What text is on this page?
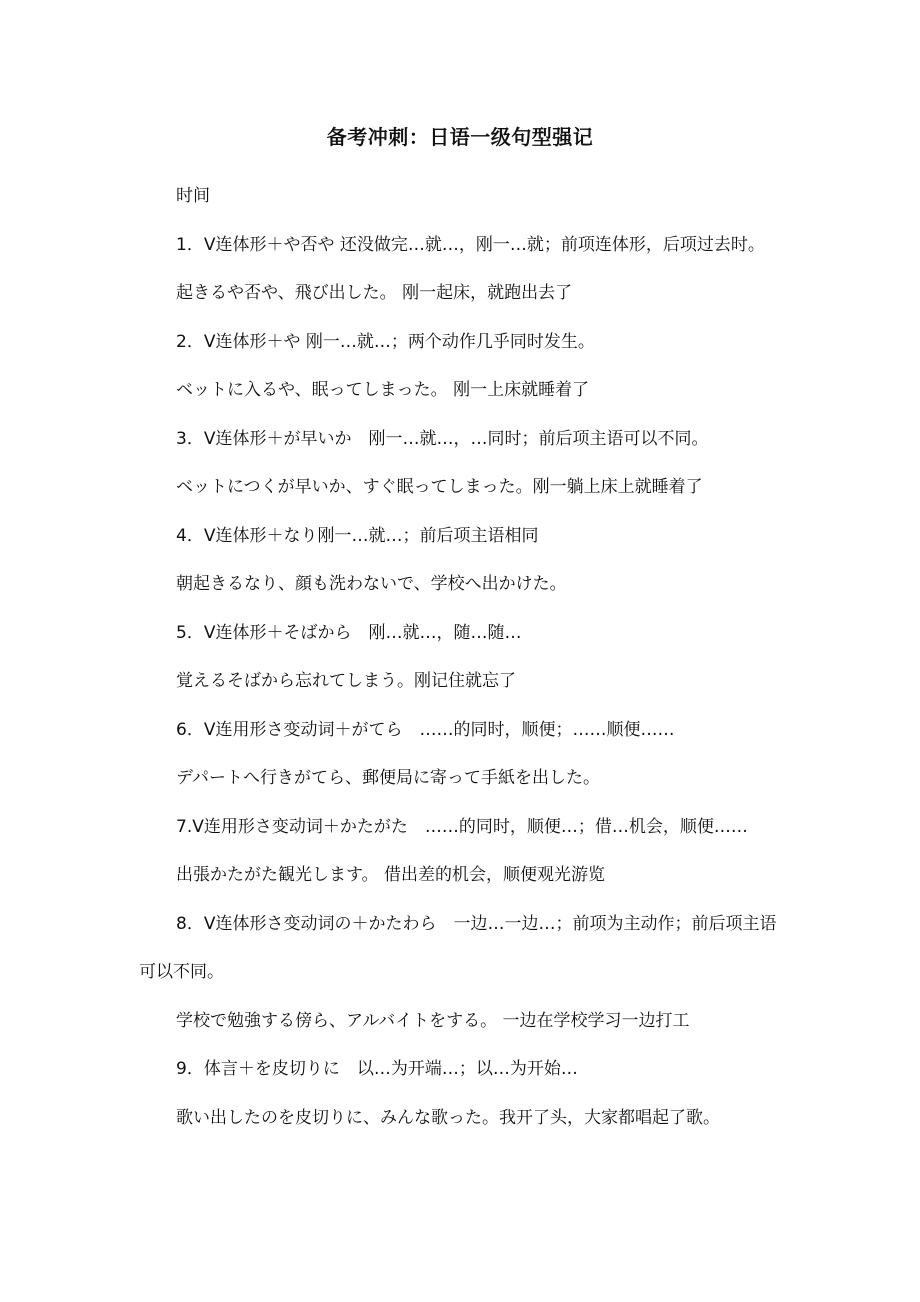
备考冲刺：日语一级句型强记

时间

1．V连体形＋や否や 还没做完…就…，刚一…就；前项连体形，后项过去时。

起きるや否や、飛び出した。 刚一起床，就跑出去了

2．V连体形＋や 刚一…就…；两个动作几乎同时发生。

ベットに入るや、眠ってしまった。 刚一上床就睡着了

3．V连体形＋が早いか　刚一…就…，…同时；前后项主语可以不同。

ベットにつくが早いか、すぐ眠ってしまった。刚一躺上床上就睡着了

4．V连体形＋なり刚一…就…；前后项主语相同

朝起きるなり、顔も洗わないで、学校へ出かけた。

5．V连体形＋そばから　刚…就…，随…随…

覚えるそばから忘れてしまう。刚记住就忘了

6．V连用形さ变动词＋がてら　……的同时，顺便；……顺便……

デパートへ行きがてら、郵便局に寄って手紙を出した。

7.V连用形さ变动词＋かたがた　……的同时，顺便…；借…机会，顺便……

出張かたがた観光します。 借出差的机会，顺便观光游览

8．V连体形さ变动词の＋かたわら　一边…一边…；前项为主动作；前后项主语可以不同。

学校で勉強する傍ら、アルバイトをする。 一边在学校学习一边打工

9．体言＋を皮切りに　以…为开端…；以…为开始…

歌い出したのを皮切りに、みんな歌った。我开了头，大家都唱起了歌。
